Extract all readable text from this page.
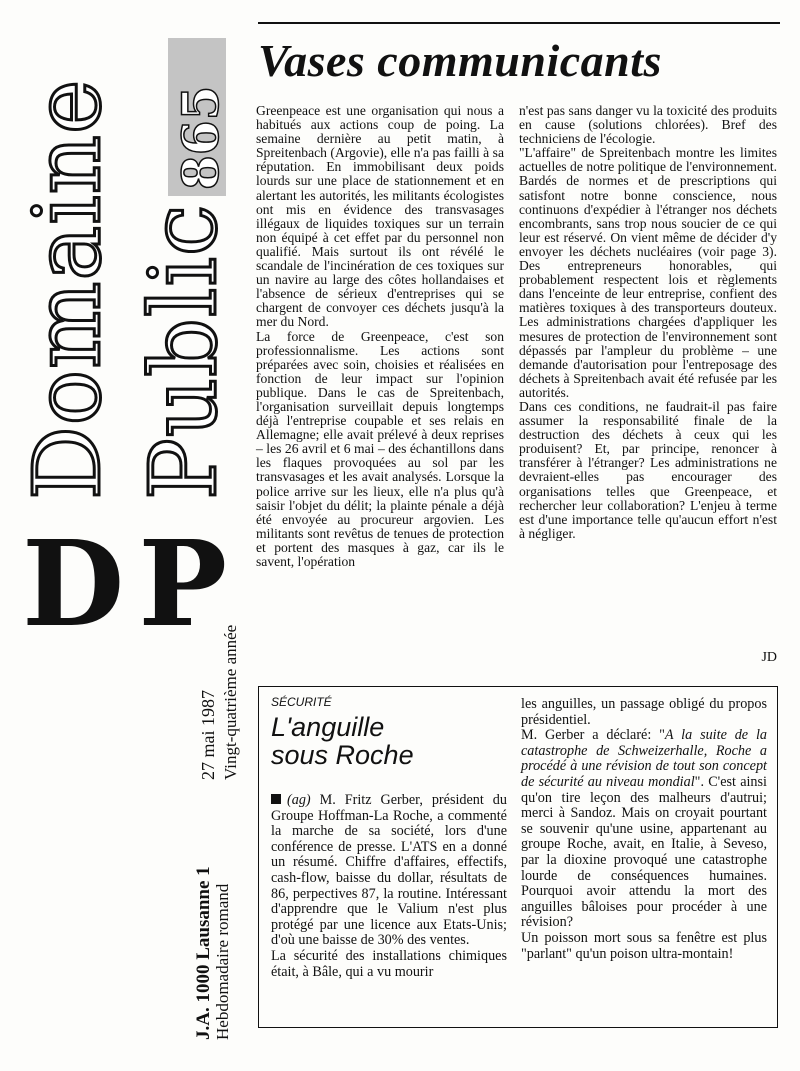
Domaine Public
865
DP
J.A. 1000 Lausanne 1 Hebdomadaire romand
27 mai 1987 Vingt-quatrième année
Vases communicants

Greenpeace est une organisation qui nous a habitués aux actions coup de poing. La semaine dernière au petit matin, à Spreitenbach (Argovie), elle n'a pas failli à sa réputation. En immobilisant deux poids lourds sur une place de stationnement et en alertant les autorités, les militants écologistes ont mis en évidence des transvasages illégaux de liquides toxiques sur un terrain non équipé à cet effet par du personnel non qualifié. Mais surtout ils ont révélé le scandale de l'incinération de ces toxiques sur un navire au large des côtes hollandaises et l'absence de sérieux d'entreprises qui se chargent de convoyer ces déchets jusqu'à la mer du Nord.

La force de Greenpeace, c'est son professionnalisme. Les actions sont préparées avec soin, choisies et réalisées en fonction de leur impact sur l'opinion publique. Dans le cas de Spreitenbach, l'organisation surveillait depuis longtemps déjà l'entreprise coupable et ses relais en Allemagne; elle avait prélevé à deux reprises – les 26 avril et 6 mai – des échantillons dans les flaques provoquées au sol par les transvasages et les avait analysés. Lorsque la police arrive sur les lieux, elle n'a plus qu'à saisir l'objet du délit; la plainte pénale a déjà été envoyée au procureur argovien. Les militants sont revêtus de tenues de protection et portent des masques à gaz, car ils le savent, l'opération

n'est pas sans danger vu la toxicité des produits en cause (solutions chlorées). Bref des techniciens de l'écologie.

"L'affaire" de Spreitenbach montre les limites actuelles de notre politique de l'environnement. Bardés de normes et de prescriptions qui satisfont notre bonne conscience, nous continuons d'expédier à l'étranger nos déchets encombrants, sans trop nous soucier de ce qui leur est réservé. On vient même de décider d'y envoyer les déchets nucléaires (voir page 3). Des entrepreneurs honorables, qui probablement respectent lois et règlements dans l'enceinte de leur entreprise, confient des matières toxiques à des transporteurs douteux. Les administrations chargées d'appliquer les mesures de protection de l'environnement sont dépassés par l'ampleur du problème – une demande d'autorisation pour l'entreposage des déchets à Spreitenbach avait été refusée par les autorités.

Dans ces conditions, ne faudrait-il pas faire assumer la responsabilité finale de la destruction des déchets à ceux qui les produisent? Et, par principe, renoncer à transférer à l'étranger? Les administrations ne devraient-elles pas encourager des organisations telles que Greenpeace, et rechercher leur collaboration? L'enjeu à terme est d'une importance telle qu'aucun effort n'est à négliger.

JD
SÉCURITÉ
L'anguille
sous Roche

(ag) M. Fritz Gerber, président du Groupe Hoffman-La Roche, a commenté la marche de sa société, lors d'une conférence de presse. L'ATS en a donné un résumé. Chiffre d'affaires, effectifs, cash-flow, baisse du dollar, résultats de 86, perpectives 87, la routine. Intéressant d'apprendre que le Valium n'est plus protégé par une licence aux Etats-Unis; d'où une baisse de 30% des ventes.

La sécurité des installations chimiques était, à Bâle, qui a vu mourir

les anguilles, un passage obligé du propos présidentiel.

M. Gerber a déclaré: "A la suite de la catastrophe de Schweizerhalle, Roche a procédé à une révision de tout son concept de sécurité au niveau mondial". C'est ainsi qu'on tire leçon des malheurs d'autrui; merci à Sandoz. Mais on croyait pourtant se souvenir qu'une usine, appartenant au groupe Roche, avait, en Italie, à Seveso, par la dioxine provoqué une catastrophe lourde de conséquences humaines. Pourquoi avoir attendu la mort des anguilles bâloises pour procéder à une révision?

Un poisson mort sous sa fenêtre est plus "parlant" qu'un poison ultra-montain!
